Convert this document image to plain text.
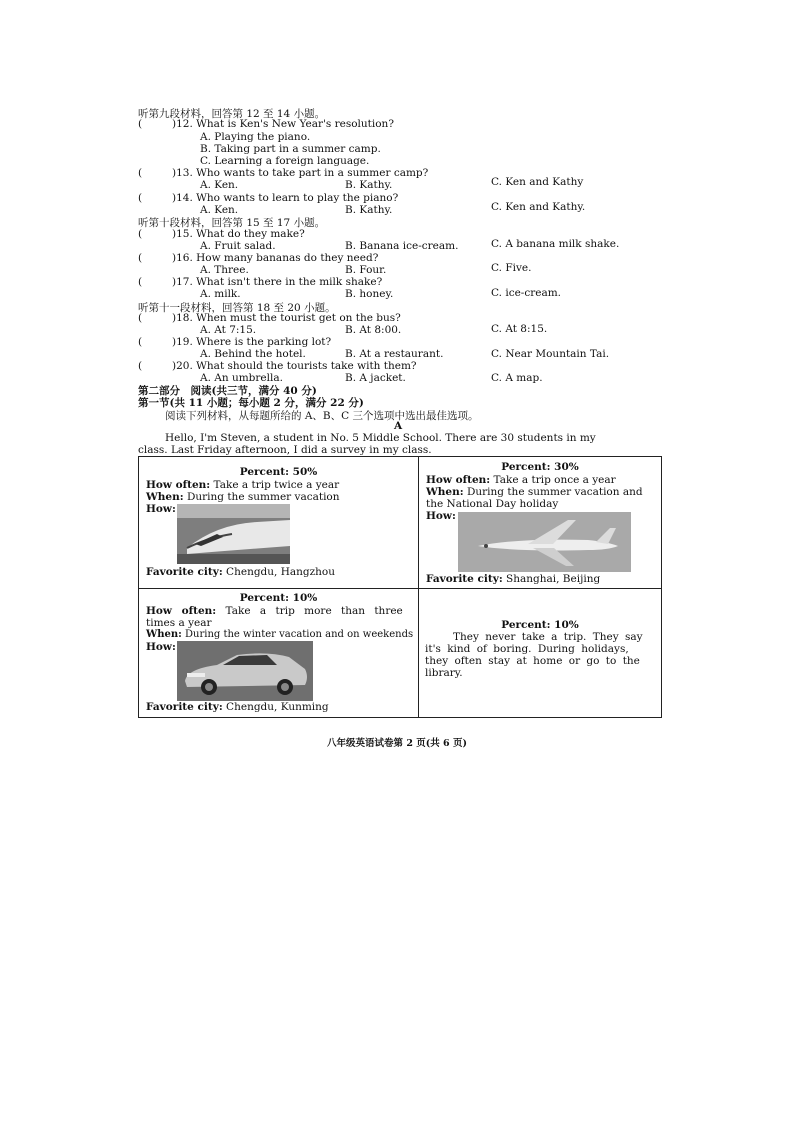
听第九段材料，回答第 12 至 14 小题。
(	)12. What is Ken's New Year's resolution?
A. Playing the piano.
B. Taking part in a summer camp.
C. Learning a foreign language.
(	)13. Who wants to take part in a summer camp?
A. Ken.	B. Kathy.	C. Ken and Kathy
(	)14. Who wants to learn to play the piano?
A. Ken.	B. Kathy.	C. Ken and Kathy.
听第十段材料，回答第 15 至 17 小题。
(	)15. What do they make?
A. Fruit salad.	B. Banana ice-cream.	C. A banana milk shake.
(	)16. How many bananas do they need?
A. Three.	B. Four.	C. Five.
(	)17. What isn't there in the milk shake?
A. milk.	B. honey.	C. ice-cream.
听第十一段材料，回答第 18 至 20 小题。
(	)18. When must the tourist get on the bus?
A. At 7:15.	B. At 8:00.	C. At 8:15.
(	)19. Where is the parking lot?
A. Behind the hotel.	B. At a restaurant.	C. Near Mountain Tai.
(	)20. What should the tourists take with them?
A. An umbrella.	B. A jacket.	C. A map.
第二部分　阅读(共三节，满分 40 分)
第一节(共 11 小题；每小题 2 分，满分 22 分)
阅读下列材料，从每题所给的 A、B、C 三个选项中选出最佳选项。
A
Hello, I'm Steven, a student in No. 5 Middle School. There are 30 students in my
class. Last Friday afternoon, I did a survey in my class.
Percent: 50%
How often: Take a trip twice a year
When: During the summer vacation
How:
Favorite city: Chengdu, Hangzhou
Percent: 30%
How often: Take a trip once a year
When: During the summer vacation and
the National Day holiday
How:
Favorite city: Shanghai, Beijing
Percent: 10%
How often: Take a trip more than three
times a year
When: During the winter vacation and on weekends
How:
Favorite city: Chengdu, Kunming
Percent: 10%
They never take a trip. They say
it's kind of boring. During holidays,
they often stay at home or go to the
library.
八年级英语试卷第 2 页(共 6 页)
